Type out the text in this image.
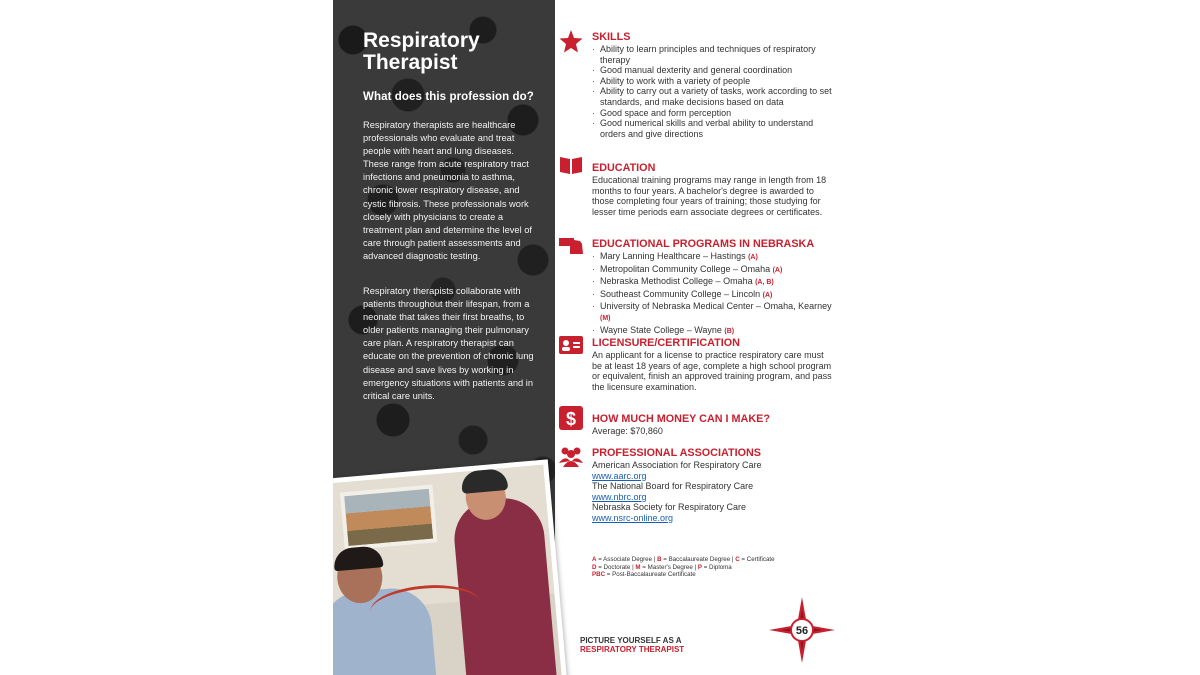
Respiratory
Therapist
What does this profession do?

Respiratory therapists are healthcare professionals who evaluate and treat people with heart and lung diseases. These range from acute respiratory tract infections and pneumonia to asthma, chronic lower respiratory disease, and cystic fibrosis. These professionals work closely with physicians to create a treatment plan and determine the level of care through patient assessments and advanced diagnostic testing.

Respiratory therapists collaborate with patients throughout their lifespan, from a neonate that takes their first breaths, to older patients managing their pulmonary care plan. A respiratory therapist can educate on the prevention of chronic lung disease and save lives by working in emergency situations with patients and in critical care units.

SKILLS
· Ability to learn principles and techniques of respiratory therapy
· Good manual dexterity and general coordination
· Ability to work with a variety of people
· Ability to carry out a variety of tasks, work according to set standards, and make decisions based on data
· Good space and form perception
· Good numerical skills and verbal ability to understand orders and give directions
EDUCATION
Educational training programs may range in length from 18 months to four years. A bachelor's degree is awarded to those completing four years of training; those studying for lesser time periods earn associate degrees or certificates.
EDUCATIONAL PROGRAMS IN NEBRASKA
· Mary Lanning Healthcare – Hastings (A)
· Metropolitan Community College – Omaha (A)
· Nebraska Methodist College – Omaha (A, B)
· Southeast Community College – Lincoln (A)
· University of Nebraska Medical Center – Omaha, Kearney (M)
· Wayne State College – Wayne (B)
LICENSURE/CERTIFICATION
An applicant for a license to practice respiratory care must be at least 18 years of age, complete a high school program or equivalent, finish an approved training program, and pass the licensure examination.
$ HOW MUCH MONEY CAN I MAKE?
Average: $70,860
PROFESSIONAL ASSOCIATIONS
American Association for Respiratory Care
www.aarc.org
The National Board for Respiratory Care
www.nbrc.org
Nebraska Society for Respiratory Care
www.nsrc-online.org
A = Associate Degree | B = Baccalaureate Degree | C = Certificate
D = Doctorate | M = Master's Degree | P = Diploma
PBC = Post-Baccalaureate Certificate
PICTURE YOURSELF AS A
RESPIRATORY THERAPIST
56
